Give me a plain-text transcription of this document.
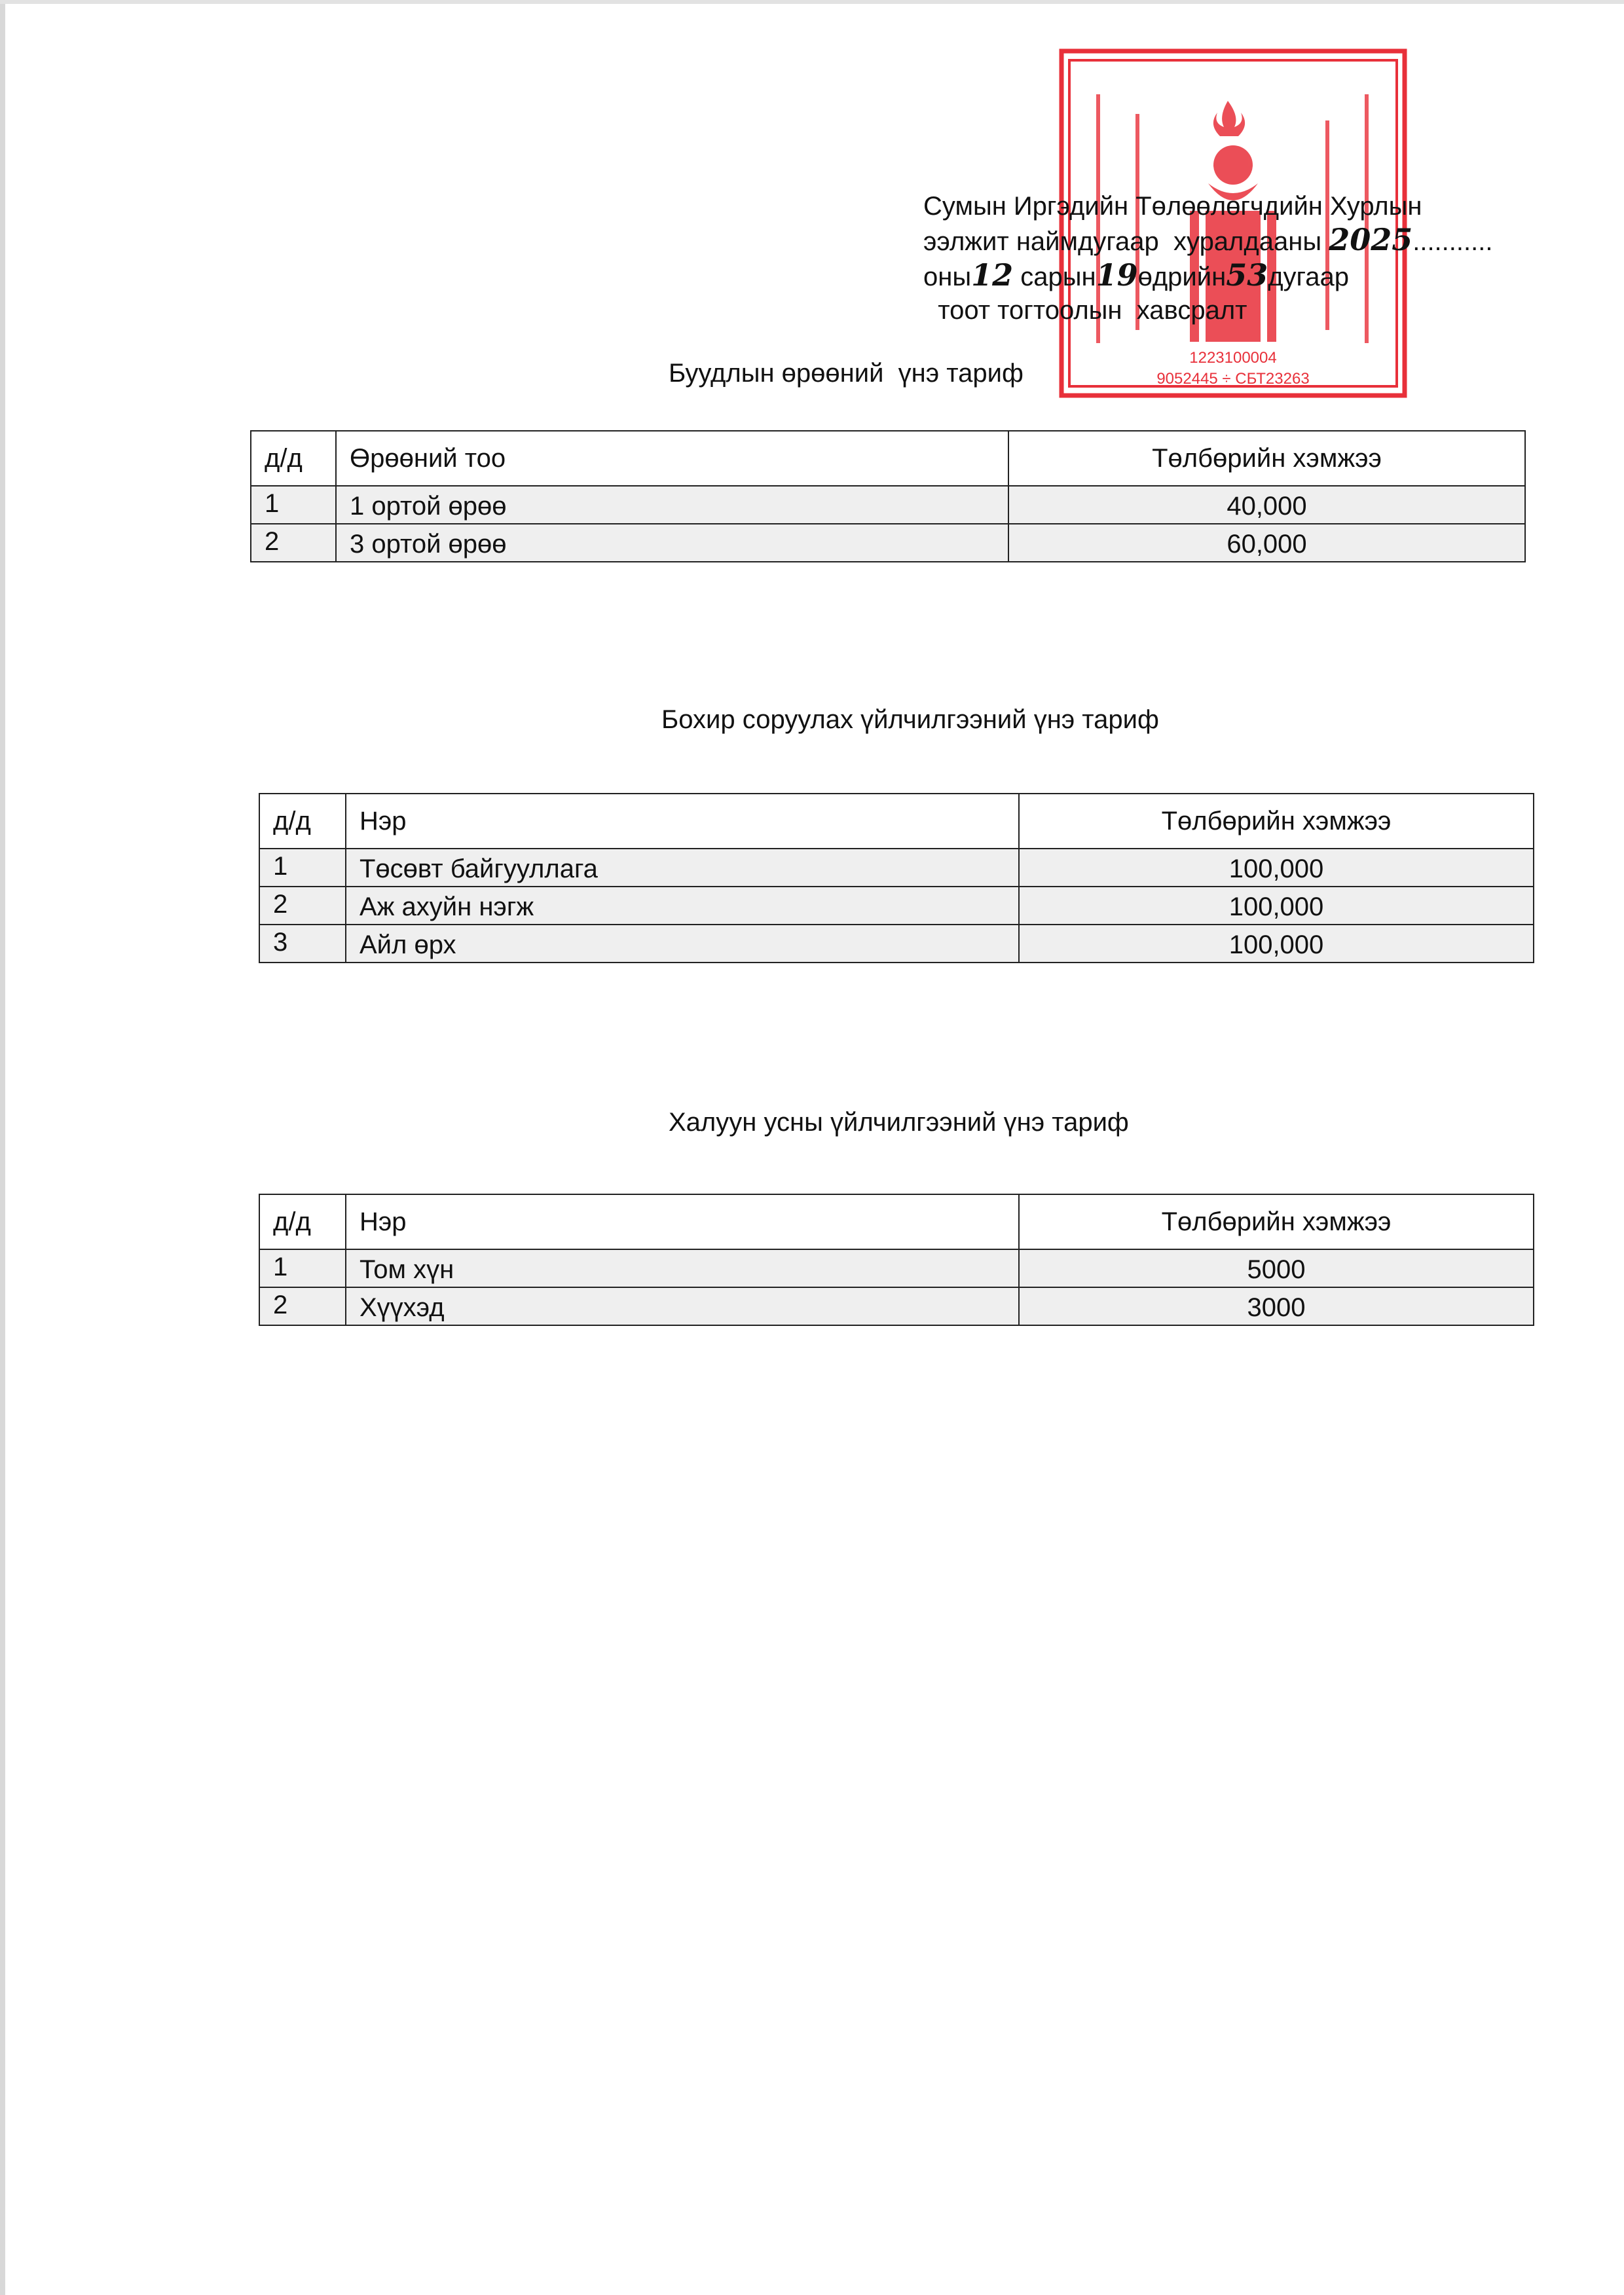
1223100004
9052445 ÷ СБТ23263
Сумын Иргэдийн Төлөөлөгчдийн Хурлын
ээлжит наймдугаар  хуралдааны 2025...........
оны12 сарын19өдрийн53дугаар
тоот тогтоолын  хавсралт
Буудлын өрөөний  үнэ тариф
д/д	Өрөөний тоо	Төлбөрийн хэмжээ
1	1 ортой өрөө	40,000
2	3 ортой өрөө	60,000
Бохир соруулах үйлчилгээний үнэ тариф
д/д	Нэр	Төлбөрийн хэмжээ
1	Төсөвт байгууллага	100,000
2	Аж ахуйн нэгж	100,000
3	Айл өрх	100,000
Халуун усны үйлчилгээний үнэ тариф
д/д	Нэр	Төлбөрийн хэмжээ
1	Том хүн	5000
2	Хүүхэд	3000
